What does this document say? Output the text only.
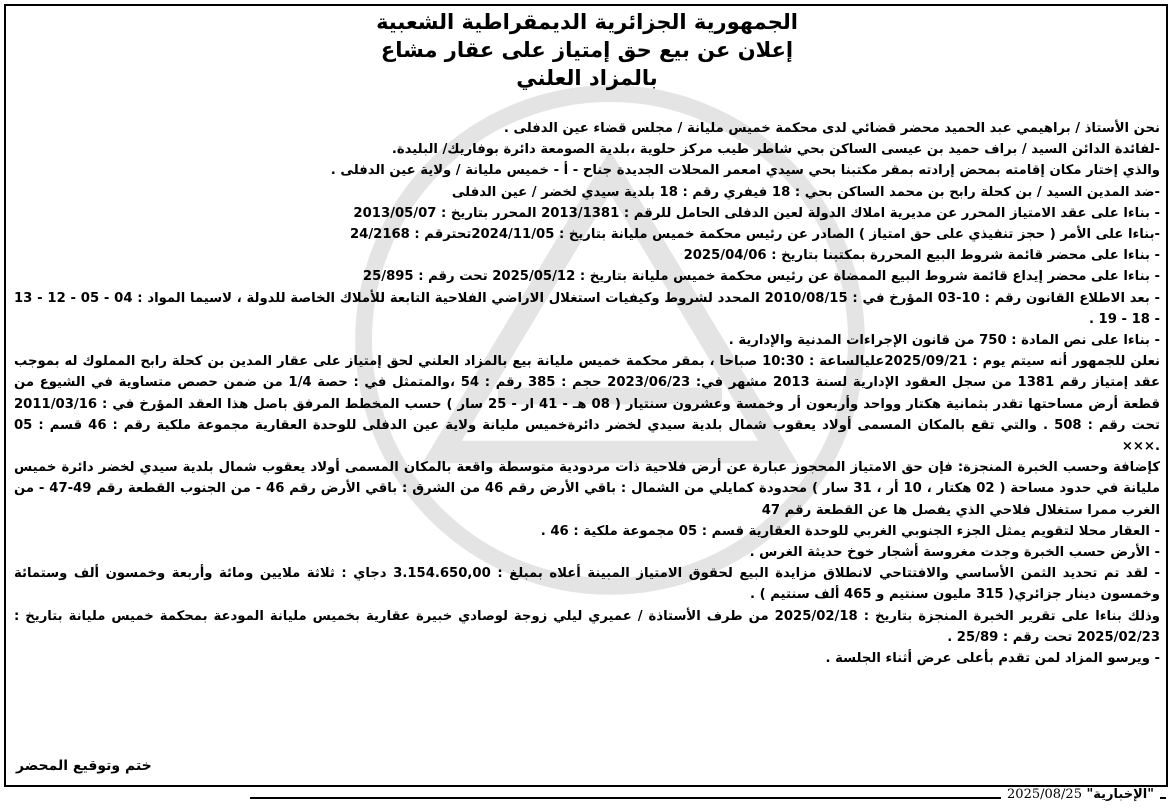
الجمهورية الجزائرية الديمقراطية الشعبية
إعلان عن بيع حق إمتياز على عقار مشاع
بالمزاد العلني

نحن الأستاذ / براهيمي عبد الحميد محضر قضائي لدى محكمة خميس مليانة / مجلس قضاء عين الدفلى .

-لفائدة الدائن السيد / براف حميد بن عيسى الساكن بحي شاطر طيب مركز حلوية ،بلدية الصومعة دائرة بوفاريك/ البليدة.

والذي إختار مكان إقامته بمحض إرادته بمقر مكتبنا بحي سيدي امعمر المحلات الجديدة جناح - أ - خميس مليانة / ولاية عين الدفلى .

-ضد المدين السيد / بن كحلة رابح بن محمد الساكن بحي : 18 فيفري رقم : 18 بلدية سيدي لخضر / عين الدفلى

- بناءا على عقد الامتياز المحرر عن مديرية املاك الدولة لعين الدفلى الحامل للرقم : 2013/1381 المحرر بتاريخ : 2013/05/07

-بناءا على الأمر ( حجز تنفيذي على حق امتياز ) الصادر عن رئيس محكمة خميس مليانة بتاريخ : 2024/11/05تحترقم : 24/2168

- بناءا على محضر قائمة شروط البيع المحررة بمكتبنا بتاريخ : 2025/04/06

- بناءا على محضر إيداع قائمة شروط البيع الممضاة عن رئيس محكمة خميس مليانة بتاريخ : 2025/05/12 تحت رقم : 25/895

- بعد الاطلاع القانون رقم : 10-03 المؤرخ في : 2010/08/15 المحدد لشروط وكيفيات استغلال الاراضي الفلاحية التابعة للأملاك الخاصة للدولة ، لاسيما المواد : 04 - 05 - 12 - 13 - 18 - 19 .

- بناءا على نص المادة : 750 من قانون الإجراءات المدنية والإدارية .

نعلن للجمهور أنه سيتم يوم : 2025/09/21عليالساعة : 10:30 صباحا ، بمقر محكمة خميس مليانة بيع بالمزاد العلني لحق إمتياز على عقار المدين بن كحلة رابح المملوك له بموجب عقد إمتياز رقم 1381 من سجل العقود الإدارية لسنة 2013 مشهر في: 2023/06/23 حجم : 385 رقم : 54 ،والمتمثل في : حصة 1/4 من ضمن حصص متساوية في الشيوع من قطعة أرض مساحتها تقدر بثمانية هكتار وواحد وأربعون أر وخمسة وعشرون سنتيار ( 08 هـ - 41 ار - 25 سار ) حسب المخطط المرفق باصل هذا العقد المؤرخ في : 2011/03/16 تحت رقم : 508 . والتي تقع بالمكان المسمى أولاد يعقوب شمال بلدية سيدي لخضر دائرةخميس مليانة ولاية عين الدفلى للوحدة العقارية مجموعة ملكية رقم : 46 قسم : 05 .×××

كإضافة وحسب الخبرة المنجزة: فإن حق الامتياز المحجوز عبارة عن أرض فلاحية ذات مردودية متوسطة واقعة بالمكان المسمى أولاد يعقوب شمال بلدية سيدي لخضر دائرة خميس مليانة في حدود مساحة ( 02 هكتار ، 10 أر ، 31 سار ) محدودة كمايلي من الشمال : باقي الأرض رقم 46 من الشرق : باقي الأرض رقم 46 - من الجنوب القطعة رقم 49-47 - من الغرب ممرا ستغلال فلاحي الذي يفصل ها عن القطعة رقم 47

- العقار محلا لتقويم يمثل الجزء الجنوبي الغربي للوحدة العقارية قسم : 05 مجموعة ملكية : 46 .

- الأرض حسب الخبرة وجدت مغروسة أشجار خوخ حديثة الغرس .

- لقد تم تحديد الثمن الأساسي والافتتاحي لانطلاق مزايدة البيع لحقوق الامتياز المبينة أعلاه بمبلغ : 3.154.650,00 دجاي : ثلاثة ملايين ومائة وأربعة وخمسون ألف وستمائة وخمسون دينار جزائري( 315 مليون سنتيم و 465 ألف سنتيم ) .

وذلك بناءا على تقرير الخبرة المنجزة بتاريخ : 2025/02/18 من طرف الأستاذة / عميري ليلي زوجة لوصادي خبيرة عقارية بخميس مليانة المودعة بمحكمة خميس مليانة بتاريخ : 2025/02/23 تحت رقم : 25/89 .

- ويرسو المزاد لمن تقدم بأعلى عرض أثناء الجلسة .

ختم وتوقيع المحضر
"الإخبارية" 2025/08/25
